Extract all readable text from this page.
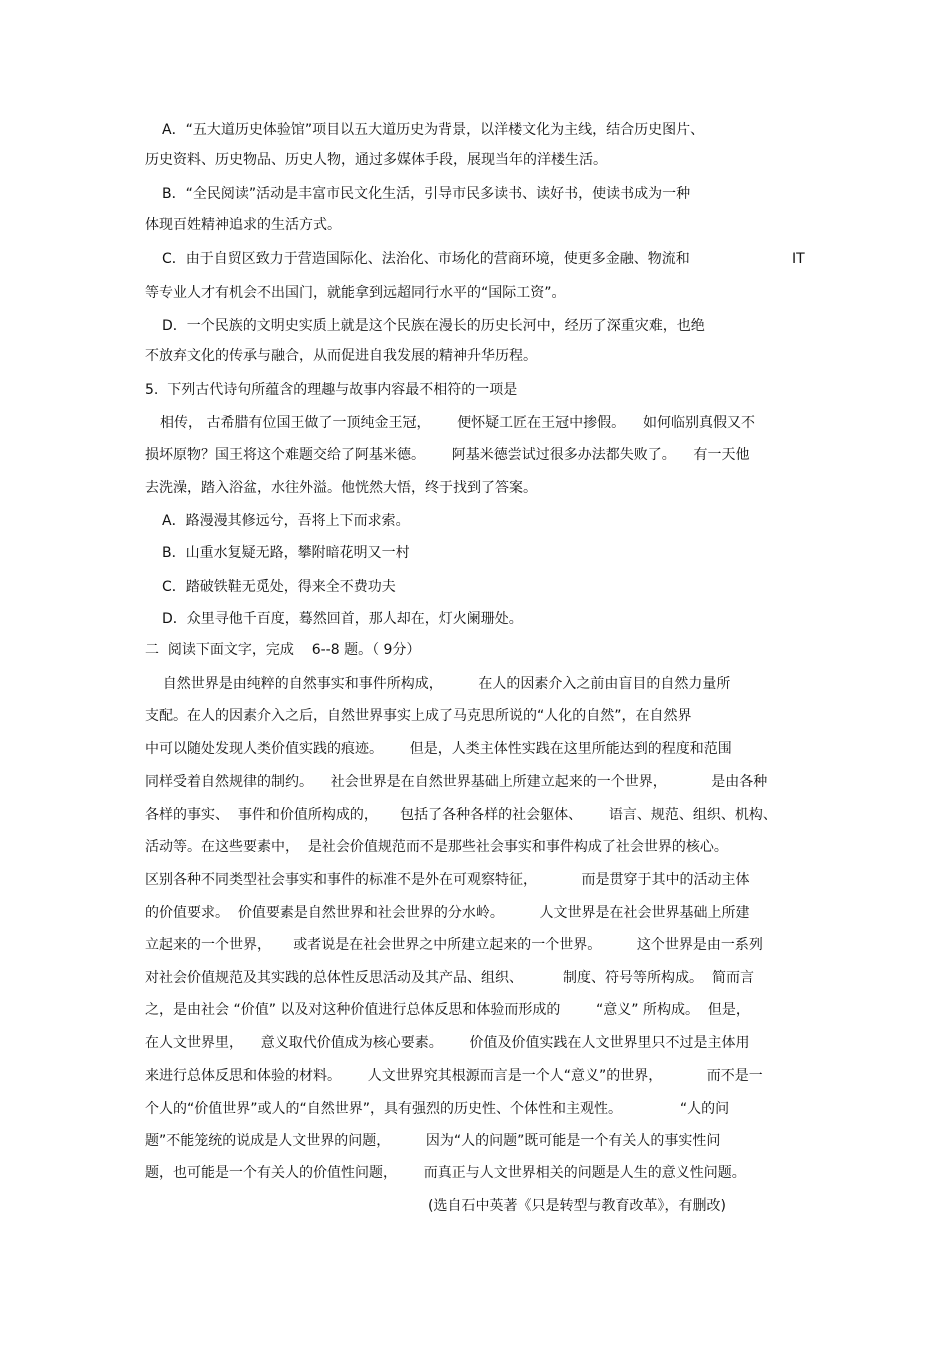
A．“五大道历史体验馆”项目以五大道历史为背景，以洋楼文化为主线，结合历史图片、
历史资料、历史物品、历史人物，通过多媒体手段，展现当年的洋楼生活。
B．“全民阅读”活动是丰富市民文化生活，引导市民多读书、读好书，使读书成为一种
体现百姓精神追求的生活方式。
C．由于自贸区致力于营造国际化、法治化、市场化的营商环境，使更多金融、物流和	IT
等专业人才有机会不出国门，就能拿到远超同行水平的“国际工资”。
D．一个民族的文明史实质上就是这个民族在漫长的历史长河中，经历了深重灾难，也绝
不放弃文化的传承与融合，从而促进自我发展的精神升华历程。
5.  下列古代诗句所蕴含的理趣与故事内容最不相符的一项是
相传， 古希腊有位国王做了一顶纯金王冠，      便怀疑工匠在王冠中掺假。    如何临别真假又不
损坏原物？国王将这个难题交给了阿基米德。      阿基米德尝试过很多办法都失败了。    有一天他
去洗澡，踏入浴盆，水往外溢。他恍然大悟，终于找到了答案。
A．路漫漫其修远兮，吾将上下而求索。
B．山重水复疑无路，攀附暗花明又一村
C．踏破铁鞋无觅处，得来全不费功夫
D．众里寻他千百度，蓦然回首，那人却在，灯火阑珊处。
二  阅读下面文字，完成    6--8 题。（ 9分）
自然世界是由纯粹的自然事实和事件所构成，        在人的因素介入之前由盲目的自然力量所
支配。在人的因素介入之后，自然世界事实上成了马克思所说的“人化的自然”，在自然界
中可以随处发现人类价值实践的痕迹。      但是，人类主体性实践在这里所能达到的程度和范围
同样受着自然规律的制约。    社会世界是在自然世界基础上所建立起来的一个世界，          是由各种
各样的事实、  事件和价值所构成的，     包括了各种各样的社会躯体、      语言、规范、组织、机构、
活动等。在这些要素中，  是社会价值规范而不是那些社会事实和事件构成了社会世界的核心。
区别各种不同类型社会事实和事件的标准不是外在可观察特征，          而是贯穿于其中的活动主体
的价值要求。  价值要素是自然世界和社会世界的分水岭。        人文世界是在社会世界基础上所建
立起来的一个世界，     或者说是在社会世界之中所建立起来的一个世界。        这个世界是由一系列
对社会价值规范及其实践的总体性反思活动及其产品、组织、         制度、符号等所构成。  简而言
之，是由社会 “价值” 以及对这种价值进行总体反思和体验而形成的        “意义” 所构成。  但是，
在人文世界里，    意义取代价值成为核心要素。      价值及价值实践在人文世界里只不过是主体用
来进行总体反思和体验的材料。      人文世界究其根源而言是一个人“意义”的世界，          而不是一
个人的“价值世界”或人的“自然世界”，具有强烈的历史性、个体性和主观性。             “人的问
题”不能笼统的说成是人文世界的问题，        因为“人的问题”既可能是一个有关人的事实性问
题，也可能是一个有关人的价值性问题，      而真正与人文世界相关的问题是人生的意义性问题。
(选自石中英著《只是转型与教育改革》，有删改)
